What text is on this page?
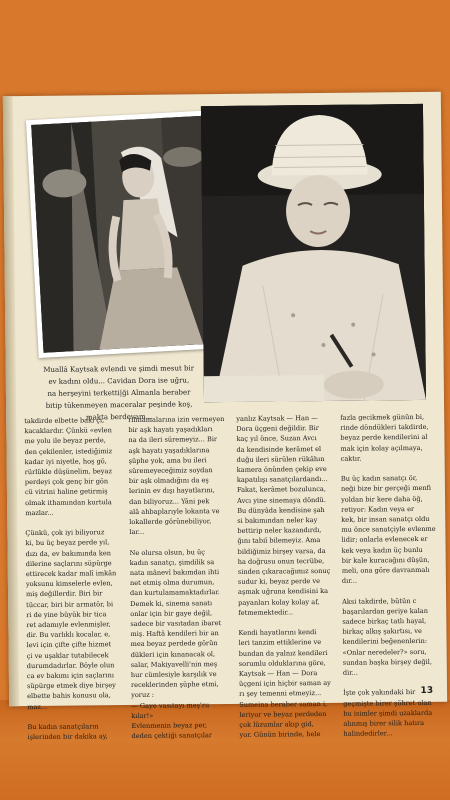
Muallâ Kaytsak evlendi ve şimdi mesut bir
ev kadını oldu... Cavidan Dora ise uğru,
na herşeyini terketti|ği Almanla beraber
bitip tükenmeyen maceralar peşinde koş,
makta berdevam...
takdirde elbette bakı çı,
kacaklardır. Çünkü «evlen
me yolu ile beyaz perde,
den çekilenler, istediğimiz
kadar iyi niyetle, hoş gö,
rürlükle düşünelim, beyaz
perdeyi çok genç bir gön
cü vitrini haline getirmiş
olmak ithamından kurtula
mazlar...

Çünkü, çok iyi biliyoruz
ki, bu üç beyaz perde yıl,
dızı da, ev bakımında ken
dilerine saçlarını süpürge
ettirecek kadar malî imkân
yoksunu kimselerle evlen,
miş değillerdir. Biri bir
tüccar, biri bir armatör, bi
ri de yine büyük bir tica
ret adamıyle evlenmişler,
dir. Bu varlıklı kocalar, e,
levi için çifte çifte hizmet
çi ve uşaklar tutabilecek
durumdadırlar. Böyle olun
ca ev bakımı için saçlarını
süpürge etmek diye birşey
elbette bahis konusu ola,
maz...

Bu kadın sanatçıların
işlerinden bir dakika ay,
rılmamalarına izin vermeyen
bir aşk hayatı yaşadıkları
na da ileri süremeyiz... Bir
aşk hayatı yaşadıklarına
şüphe yok, ama bu ileri
süremeyeceğimiz soydan
bir aşk olmadığını da eş
lerinin ev dışı hayatlarını,
dan biliyoruz... Yâni pek
alâ ahbaplarıyle lokanta ve
lokallerde görünebiliyor,
lar...

Ne olursa olsun, bu üç
kadın sanatçı, şimdilik sa
nata mânevî bakımdan ihti
net etmiş olma durumun,
dan kurtulamamaktadırlar.
Demek ki, sinema sanatı
onlar için bir gaye değil,
sadece bir vasıtadan ibaret
miş. Haftâ kendileri bir an
mea beyaz perdede görün
dükleri için kınanacak ol,
salar, Makiyavelli'nin meş
hur cümlesiyle karşılık ve
receklerinden şüphe etmi,
yoruz :
— Gaye vasıtayı meş'ru
kılar!»
Evlenmenin beyaz per,
deden çektiği sanatçılar
yanlız Kaytsak — Han —
Dora üçgeni değildir. Bir
kaç yıl önce, Suzan Avcı
da kendisinde kerâmet el
duğu ileri sürülen rükâhın
kamera önünden çekip eve
kapatılışı sanatçılardandı...
Fakat, kerâmet bozulunca,
Avcı yine sinemaya döndü.
Bu dünyâda kendisine şah
si bakımından neler kay
bettirip neler kazandırdı,
ğını tabiî bilemeyiz. Ama
bildiğimiz birşey varsa, da
ha doğrusu onun tecrübe,
sinden çıkaracağımız sonuç
sudur ki, beyaz perde ve
aşmak uğruna kendisini ka
payanları kolay kolay af,
fetmemektedir...

Kendi hayatlarını kendi
leri tanzim ettiklerine ve
bundan da yalnız kendileri
sorumlu olduklarına göre,
Kaytsak — Han — Dora
üçgeni için hiçbir saman ay
rı şey temenni etmeyiz...
Sumeina beraber saman i,
leriyor ve beyaz perdeden
çok lüzumlar akıp gid,
yor. Günün birinde, hele
fazla gecikmek günün bi,
rinde döndükleri takdirde,
beyaz perde kendilerini al
mak için kolay açılmaya,
caktır.

Bu üç kadın sanatçı ör,
neği bize bir gerçeği menfi
yoldan bir kere daha öğ,
retiyor: Kadın veya er
kek, bir insan sanatçı oldu
mu önce sanatçiyle evlenme
lidir; onlarla evlenecek er
kek veya kadın üç bunlu
bir kale kuracağını düşün,
meli, ona göre davranmalı
dır...

Aksi takdirde, bütün c
başarılardan geriye kalan
sadece birkaç tatlı hayal,
birkaç alkış şakırtısı, ve
kendilerini beğenenlerin:
«Onlar neredeler?» soru,
sundan başka birşey değil,
dir...

İşte çok yakındaki bir
geçmişte birer şöhret olan
bu isimler şimdi uzaklarda
alınmış birer silik hatıra
halindedirler...
13
